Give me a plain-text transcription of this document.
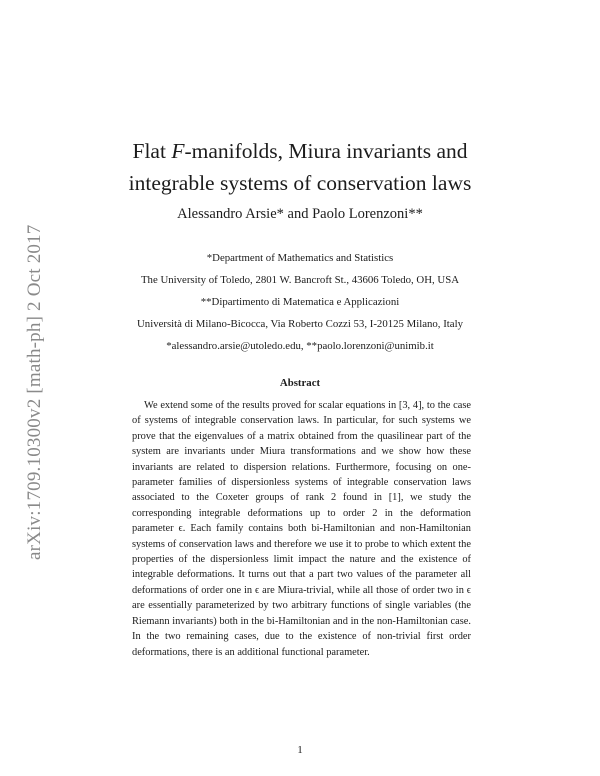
arXiv:1709.10300v2 [math-ph] 2 Oct 2017
Flat F-manifolds, Miura invariants and
integrable systems of conservation laws
Alessandro Arsie* and Paolo Lorenzoni**
*Department of Mathematics and Statistics
The University of Toledo, 2801 W. Bancroft St., 43606 Toledo, OH, USA
**Dipartimento di Matematica e Applicazioni
Università di Milano-Bicocca, Via Roberto Cozzi 53, I-20125 Milano, Italy
*alessandro.arsie@utoledo.edu, **paolo.lorenzoni@unimib.it
Abstract

We extend some of the results proved for scalar equations in [3, 4], to the case of systems of integrable conservation laws. In particular, for such systems we prove that the eigenvalues of a matrix obtained from the quasilinear part of the system are invariants under Miura transformations and we show how these invariants are related to dispersion relations. Furthermore, focusing on one-parameter families of dispersionless systems of integrable conservation laws associated to the Coxeter groups of rank 2 found in [1], we study the corresponding integrable deformations up to order 2 in the deformation parameter ϵ. Each family contains both bi-Hamiltonian and non-Hamiltonian systems of conservation laws and therefore we use it to probe to which extent the properties of the dispersionless limit impact the nature and the existence of integrable deformations. It turns out that a part two values of the parameter all deformations of order one in ϵ are Miura-trivial, while all those of order two in ϵ are essentially parameterized by two arbitrary functions of single variables (the Riemann invariants) both in the bi-Hamiltonian and in the non-Hamiltonian case. In the two remaining cases, due to the existence of non-trivial first order deformations, there is an additional functional parameter.

1
